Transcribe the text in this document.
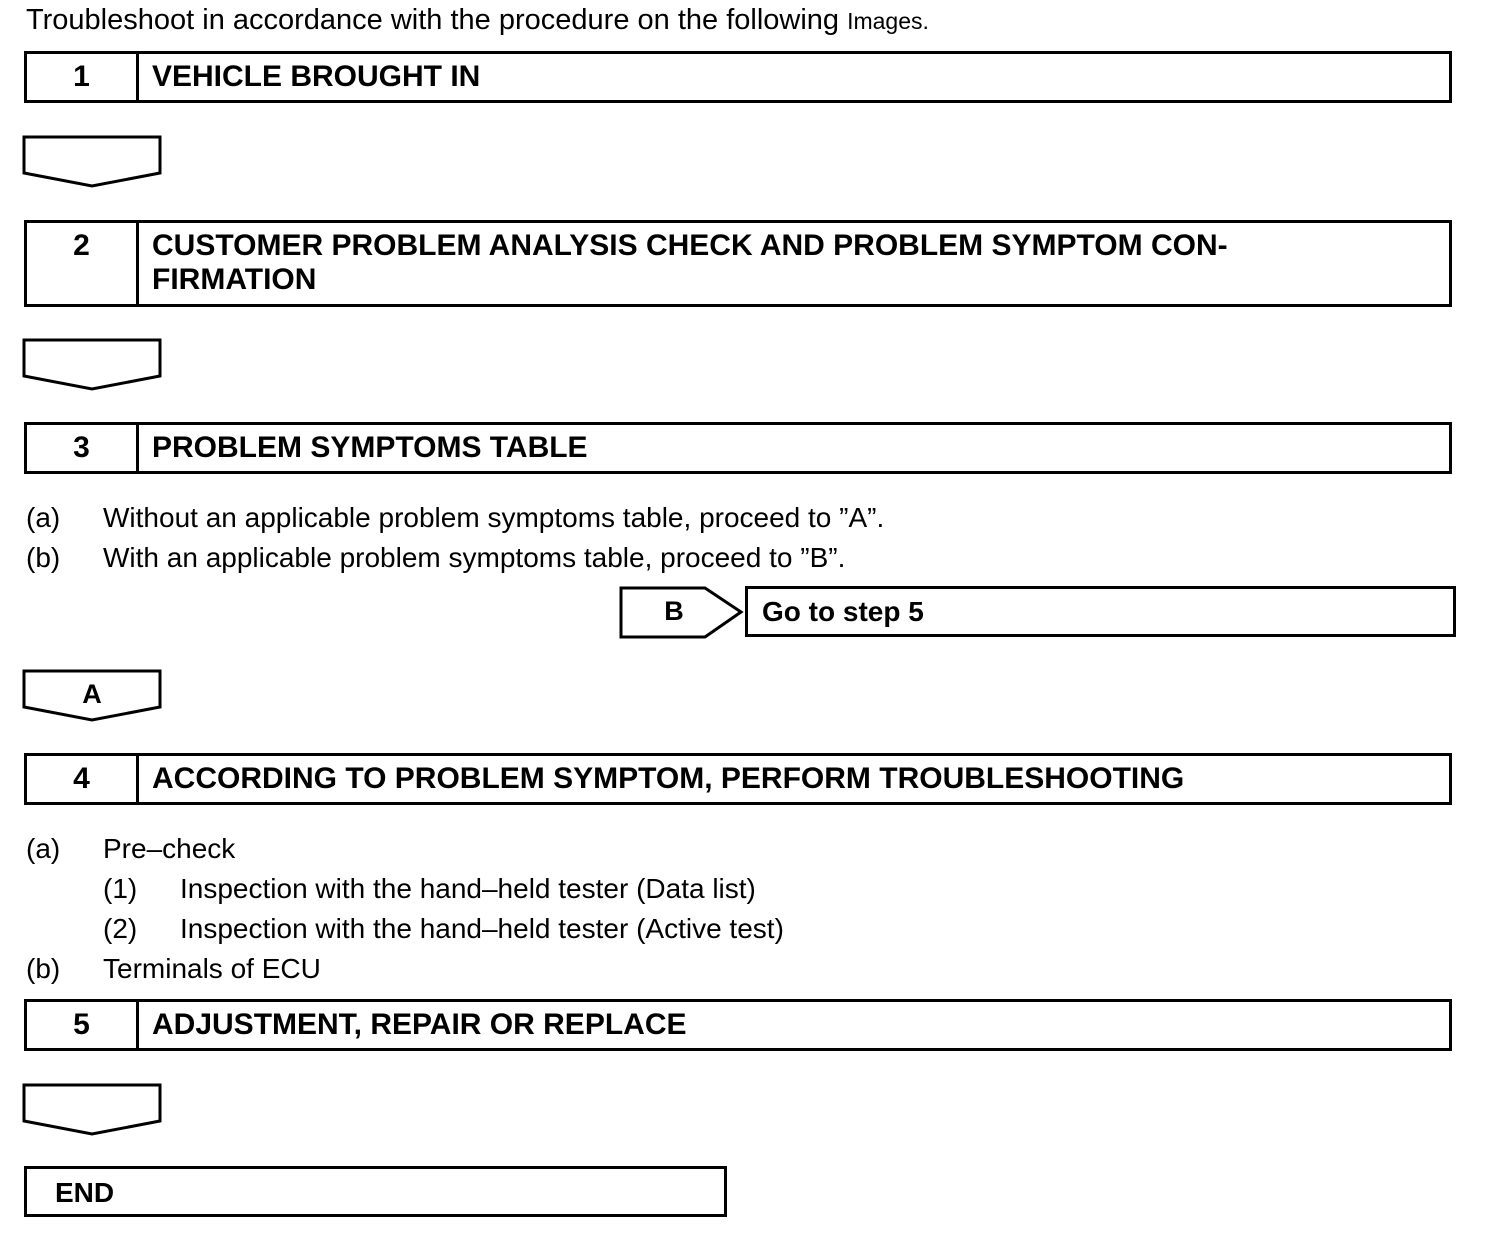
Troubleshoot in accordance with the procedure on the following Images.
1	VEHICLE BROUGHT IN
2	CUSTOMER PROBLEM ANALYSIS CHECK AND PROBLEM SYMPTOM CON-
FIRMATION
3	PROBLEM SYMPTOMS TABLE
(a) Without an applicable problem symptoms table, proceed to ”A”.
(b) With an applicable problem symptoms table, proceed to ”B”.
B	Go to step 5
A
4	ACCORDING TO PROBLEM SYMPTOM, PERFORM TROUBLESHOOTING
(a) Pre–check
(1) Inspection with the hand–held tester (Data list)
(2) Inspection with the hand–held tester (Active test)
(b) Terminals of ECU
5	ADJUSTMENT, REPAIR OR REPLACE
END
